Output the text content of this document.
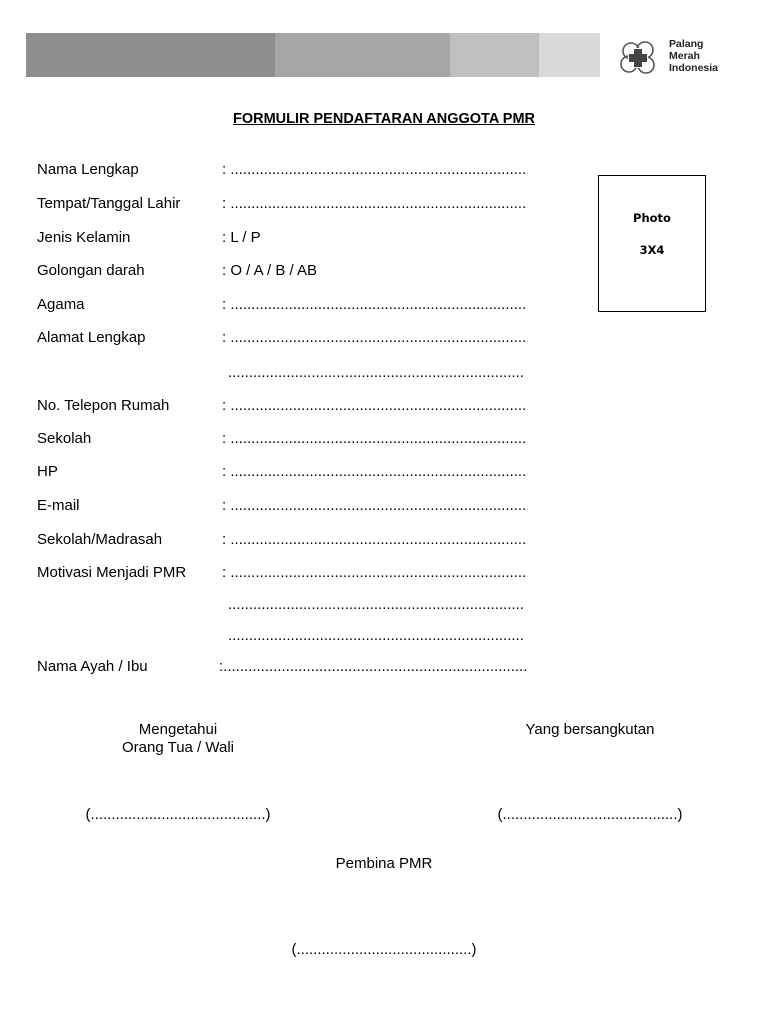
Palang
Merah
Indonesia
FORMULIR PENDAFTARAN ANGGOTA PMR
Photo
3X4
Nama Lengkap	: .......................................................................
Tempat/Tanggal Lahir	: .......................................................................
Jenis Kelamin	: L / P
Golongan darah	: O / A / B / AB
Agama	: .......................................................................
Alamat Lengkap	: .......................................................................
.......................................................................
No. Telepon Rumah	: .......................................................................
Sekolah	: .......................................................................
HP	: .......................................................................
E-mail	: .......................................................................
Sekolah/Madrasah	: .......................................................................
Motivasi Menjadi PMR : .......................................................................
.......................................................................
.......................................................................
Nama Ayah / Ibu	:.........................................................................
Mengetahui
Orang Tua / Wali
Yang bersangkutan
(..........................................)	(..........................................)
Pembina PMR
(..........................................)
